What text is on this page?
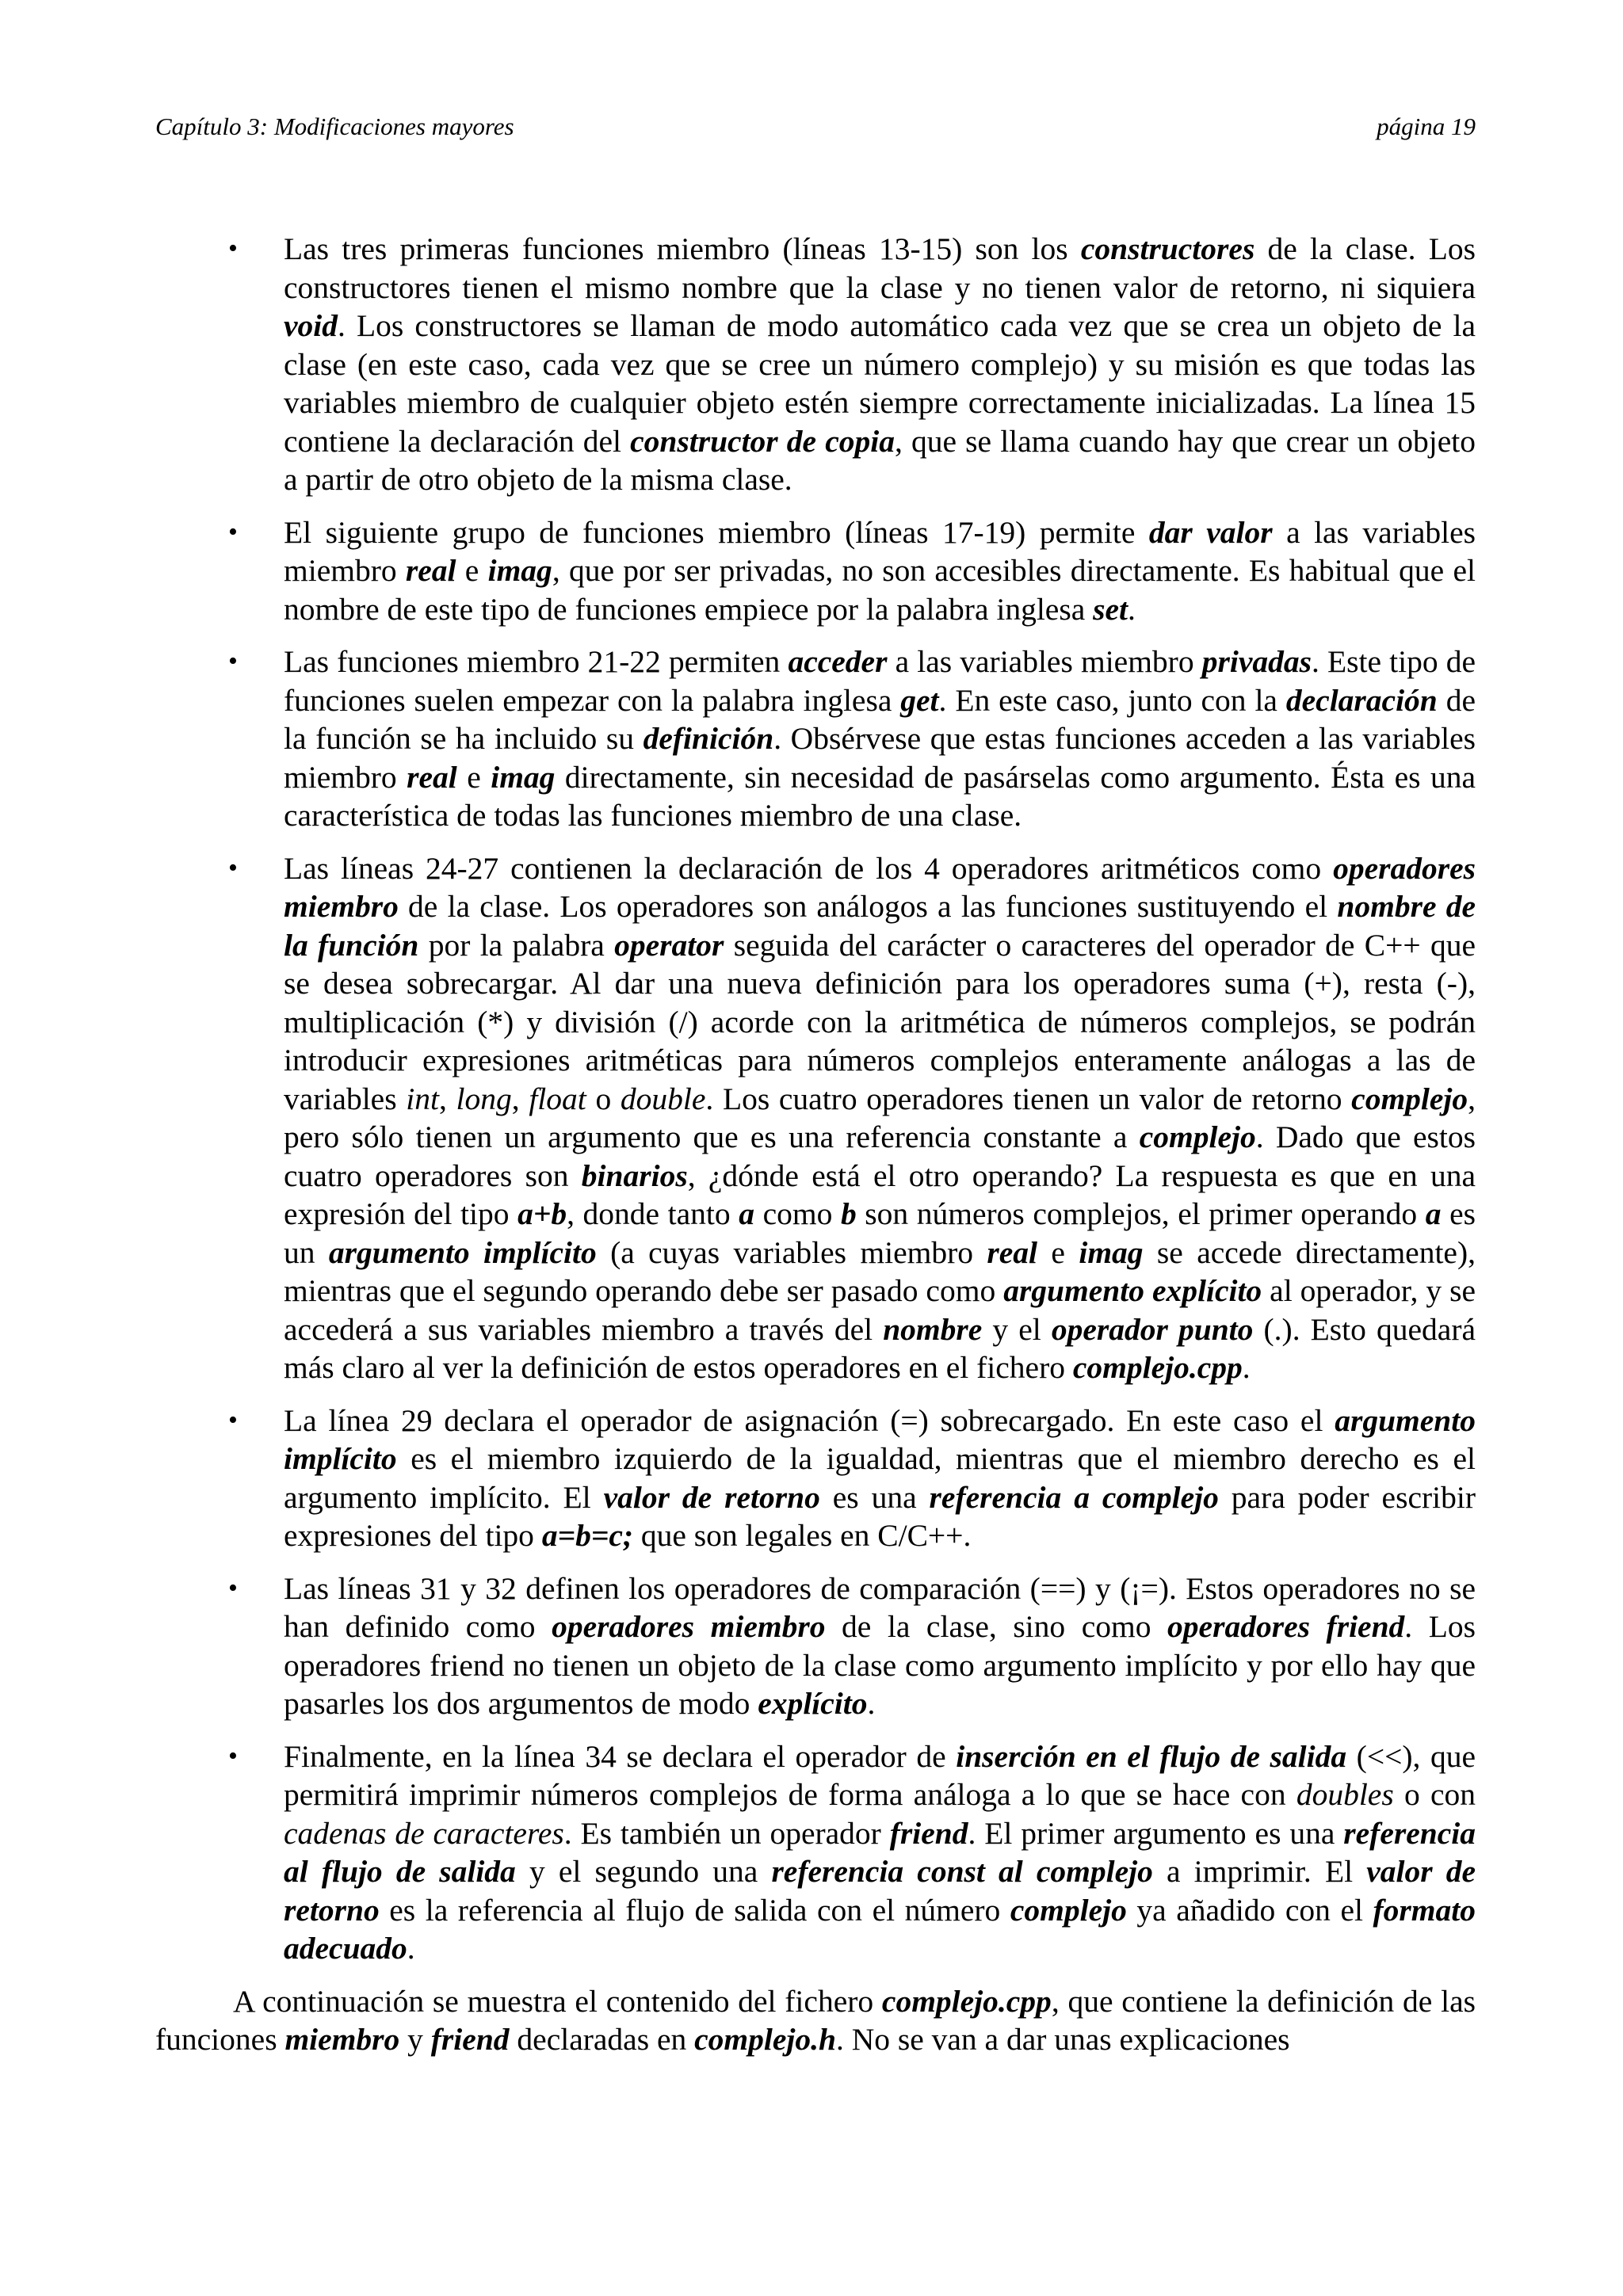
Capítulo 3: Modificaciones mayores	página 19
• Las tres primeras funciones miembro (líneas 13-15) son los constructores de la clase. Los constructores tienen el mismo nombre que la clase y no tienen valor de retorno, ni siquiera void. Los constructores se llaman de modo automático cada vez que se crea un objeto de la clase (en este caso, cada vez que se cree un número complejo) y su misión es que todas las variables miembro de cualquier objeto estén siempre correctamente inicializadas. La línea 15 contiene la declaración del constructor de copia, que se llama cuando hay que crear un objeto a partir de otro objeto de la misma clase.
• El siguiente grupo de funciones miembro (líneas 17-19) permite dar valor a las variables miembro real e imag, que por ser privadas, no son accesibles directamente. Es habitual que el nombre de este tipo de funciones empiece por la palabra inglesa set.
• Las funciones miembro 21-22 permiten acceder a las variables miembro privadas. Este tipo de funciones suelen empezar con la palabra inglesa get. En este caso, junto con la declaración de la función se ha incluido su definición. Obsérvese que estas funciones acceden a las variables miembro real e imag directamente, sin necesidad de pasárselas como argumento. Ésta es una característica de todas las funciones miembro de una clase.
• Las líneas 24-27 contienen la declaración de los 4 operadores aritméticos como operadores miembro de la clase. Los operadores son análogos a las funciones sustituyendo el nombre de la función por la palabra operator seguida del carácter o caracteres del operador de C++ que se desea sobrecargar. Al dar una nueva definición para los operadores suma (+), resta (-), multiplicación (*) y división (/) acorde con la aritmética de números complejos, se podrán introducir expresiones aritméticas para números complejos enteramente análogas a las de variables int, long, float o double. Los cuatro operadores tienen un valor de retorno complejo, pero sólo tienen un argumento que es una referencia constante a complejo. Dado que estos cuatro operadores son binarios, ¿dónde está el otro operando? La respuesta es que en una expresión del tipo a+b, donde tanto a como b son números complejos, el primer operando a es un argumento implícito (a cuyas variables miembro real e imag se accede directamente), mientras que el segundo operando debe ser pasado como argumento explícito al operador, y se accederá a sus variables miembro a través del nombre y el operador punto (.). Esto quedará más claro al ver la definición de estos operadores en el fichero complejo.cpp.
• La línea 29 declara el operador de asignación (=) sobrecargado. En este caso el argumento implícito es el miembro izquierdo de la igualdad, mientras que el miembro derecho es el argumento implícito. El valor de retorno es una referencia a complejo para poder escribir expresiones del tipo a=b=c; que son legales en C/C++.
• Las líneas 31 y 32 definen los operadores de comparación (==) y (¡=). Estos operadores no se han definido como operadores miembro de la clase, sino como operadores friend. Los operadores friend no tienen un objeto de la clase como argumento implícito y por ello hay que pasarles los dos argumentos de modo explícito.
• Finalmente, en la línea 34 se declara el operador de inserción en el flujo de salida (<<), que permitirá imprimir números complejos de forma análoga a lo que se hace con doubles o con cadenas de caracteres. Es también un operador friend. El primer argumento es una referencia al flujo de salida y el segundo una referencia const al complejo a imprimir. El valor de retorno es la referencia al flujo de salida con el número complejo ya añadido con el formato adecuado.

A continuación se muestra el contenido del fichero complejo.cpp, que contiene la definición de las funciones miembro y friend declaradas en complejo.h. No se van a dar unas explicaciones
